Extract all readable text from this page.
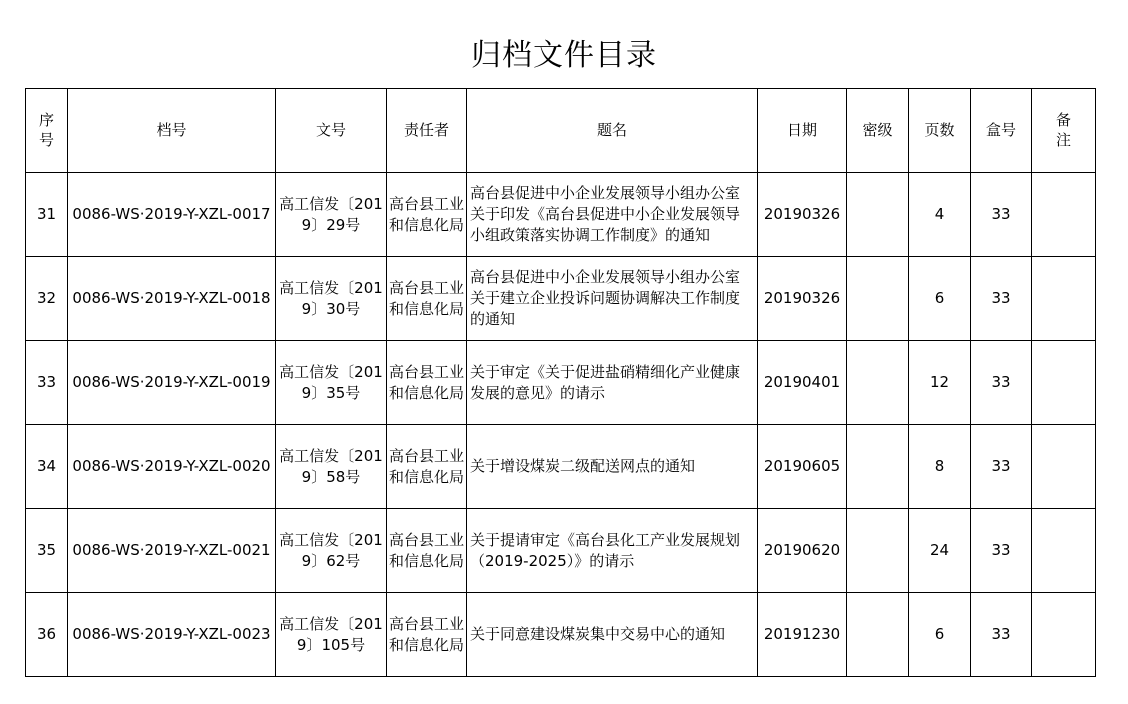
归档文件目录
序号	档号	文号	责任者	题名	日期	密级	页数	盒号	备注
31	0086-WS·2019-Y-XZL-0017	高工信发〔2019〕29号	高台县工业和信息化局	高台县促进中小企业发展领导小组办公室关于印发《高台县促进中小企业发展领导小组政策落实协调工作制度》的通知	20190326		4	33	
32	0086-WS·2019-Y-XZL-0018	高工信发〔2019〕30号	高台县工业和信息化局	高台县促进中小企业发展领导小组办公室关于建立企业投诉问题协调解决工作制度的通知	20190326		6	33	
33	0086-WS·2019-Y-XZL-0019	高工信发〔2019〕35号	高台县工业和信息化局	关于审定《关于促进盐硝精细化产业健康发展的意见》的请示	20190401		12	33	
34	0086-WS·2019-Y-XZL-0020	高工信发〔2019〕58号	高台县工业和信息化局	关于增设煤炭二级配送网点的通知	20190605		8	33	
35	0086-WS·2019-Y-XZL-0021	高工信发〔2019〕62号	高台县工业和信息化局	关于提请审定《高台县化工产业发展规划（2019-2025）》的请示	20190620		24	33	
36	0086-WS·2019-Y-XZL-0023	高工信发〔2019〕105号	高台县工业和信息化局	关于同意建设煤炭集中交易中心的通知	20191230		6	33	
